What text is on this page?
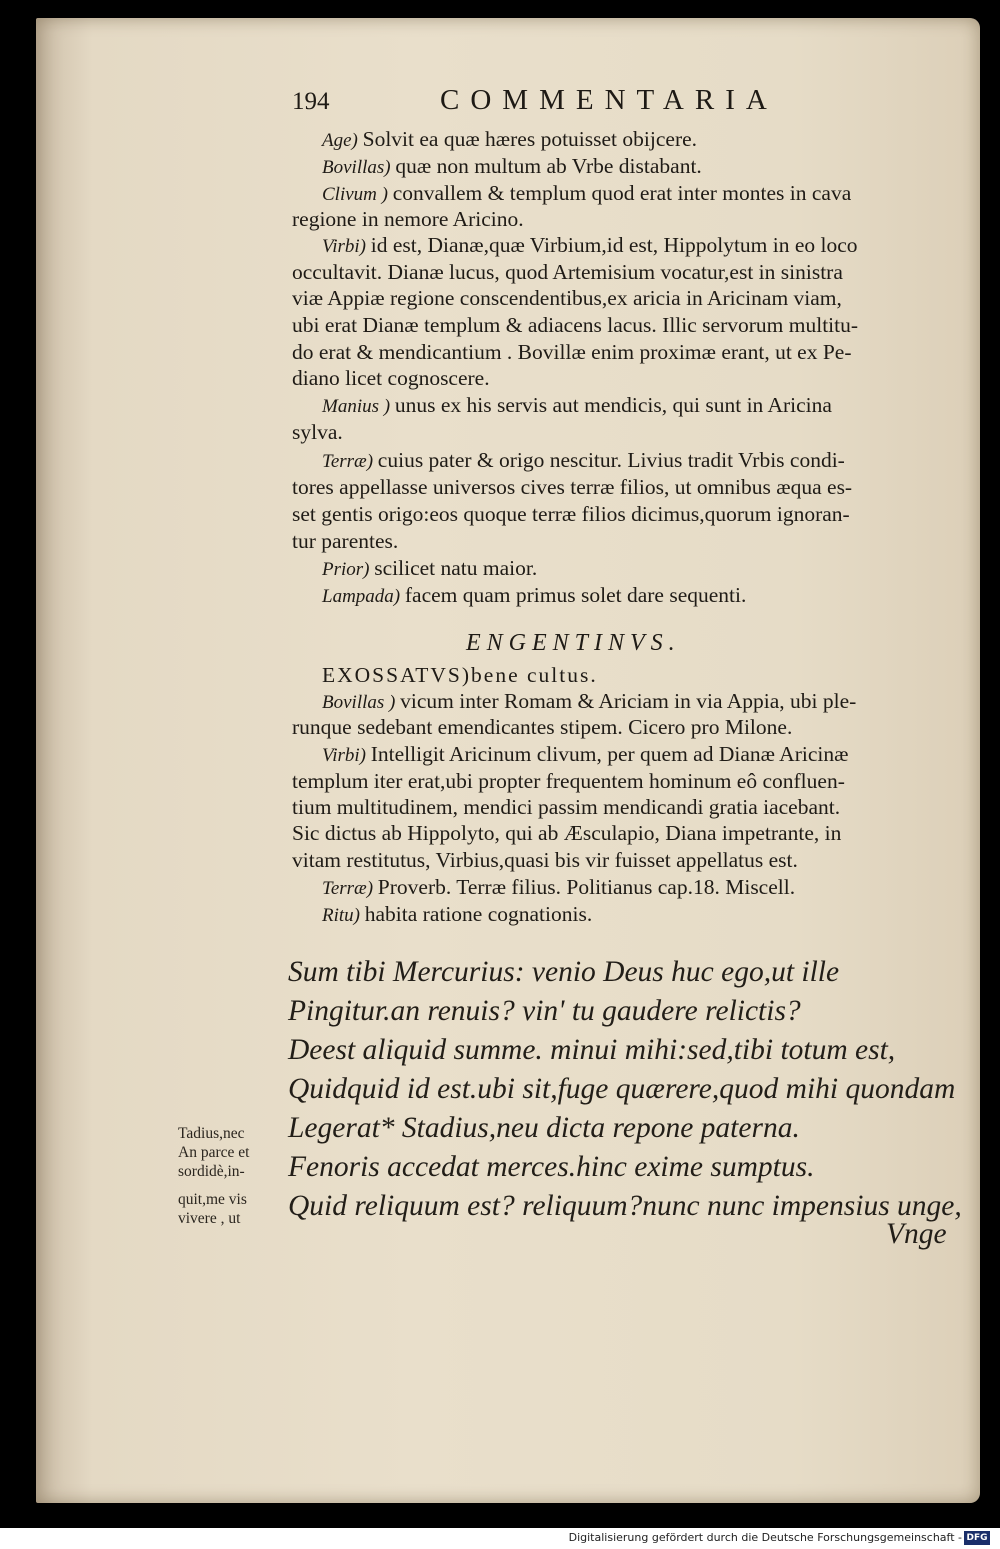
194	COMMENTARIA
Age) Solvit ea quæ hæres potuisset obijcere.
Bovillas) quæ non multum ab Vrbe distabant.
Clivum ) convallem & templum quod erat inter montes in cava
regione in nemore Aricino.
Virbi) id est, Dianæ,quæ Virbium,id est, Hippolytum in eo loco
occultavit. Dianæ lucus, quod Artemisium vocatur,est in sinistra
viæ Appiæ regione conscendentibus,ex aricia in Aricinam viam,
ubi erat Dianæ templum & adiacens lacus. Illic servorum multitu-
do erat & mendicantium . Bovillæ enim proximæ erant, ut ex Pe-
diano licet cognoscere.
Manius ) unus ex his servis aut mendicis, qui sunt in Aricina
sylva.
Terræ) cuius pater & origo nescitur. Livius tradit Vrbis condi-
tores appellasse universos cives terræ filios, ut omnibus æqua es-
set gentis origo:eos quoque terræ filios dicimus,quorum ignoran-
tur parentes.
Prior) scilicet natu maior.
Lampada) facem quam primus solet dare sequenti.
ENGENTINVS.
EXOSSATVS)bene cultus.
Bovillas ) vicum inter Romam & Ariciam in via Appia, ubi ple-
runque sedebant emendicantes stipem. Cicero pro Milone.
Virbi) Intelligit Aricinum clivum, per quem ad Dianæ Aricinæ
templum iter erat,ubi propter frequentem hominum eô confluen-
tium multitudinem, mendici passim mendicandi gratia iacebant.
Sic dictus ab Hippolyto, qui ab Æsculapio, Diana impetrante, in
vitam restitutus, Virbius,quasi bis vir fuisset appellatus est.
Terræ) Proverb. Terræ filius. Politianus cap.18. Miscell.
Ritu) habita ratione cognationis.
Sum tibi Mercurius: venio Deus huc ego,ut ille
Pingitur.an renuis? vin' tu gaudere relictis?
Deest aliquid summe. minui mihi:sed,tibi totum est,
Quidquid id est.ubi sit,fuge quærere,quod mihi quondam
Legerat* Stadius,neu dicta repone paterna.
Fenoris accedat merces.hinc exime sumptus.
Quid reliquum est? reliquum?nunc nunc impensius unge,
Vnge
Tadius,nec
An parce et
sordidè,in-
quit,me vis
vivere , ut
Digitalisierung gefördert durch die Deutsche Forschungsgemeinschaft - DFG
